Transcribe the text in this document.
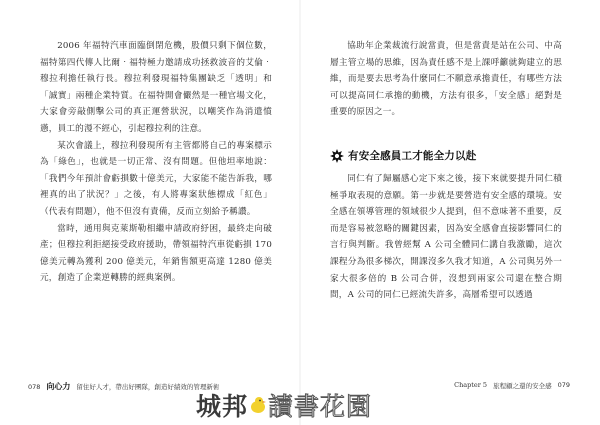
2006 年福特汽車面臨倒閉危機，股價只剩下個位數，福特第四代傳人比爾‧福特極力邀請成功拯救波音的艾倫‧穆拉利擔任執行長。穆拉利發現福特集團缺乏「透明」和「誠實」兩種企業特質。在福特開會儼然是一種官場文化，大家會旁敲側擊公司的真正運營狀況，以嘲笑作為消遣憤懣，員工的漫不經心，引起穆拉利的注意。

某次會議上，穆拉利發現所有主管都將自己的專案標示為「綠色」，也就是一切正常、沒有問題。但他坦率地說：「我們今年預計會虧損數十億美元，大家能不能告訴我，哪裡真的出了狀況？」之後，有人將專案狀態標成「紅色」（代表有問題），他不但沒有責備，反而立刻給予稱讚。

當時，通用與克萊斯勒相繼申請政府紓困，最終走向破產；但穆拉利拒絕接受政府援助，帶領福特汽車從虧損 170 億美元轉為獲利 200 億美元，年銷售額更高達 1280 億美元，創造了企業逆轉勝的經典案例。

078 向心力 留住好人才，帶出好團隊，創造好績效的管理新術

協助年企業裁流行說當責，但是當責是站在公司、中高層主管立場的思維，因為責任感不是上課呼籲就夠建立的思維，而是要去思考為什麼同仁不願意承擔責任，有哪些方法可以提高同仁承擔的動機，方法有很多，「安全感」絕對是重要的原因之一。

有安全感員工才能全力以赴

同仁有了歸屬感心定下來之後，接下來就要提升同仁積極爭取表現的意願。第一步就是要營造有安全感的環境。安全感在領導管理的領域很少人提到，但不意味著不重要，反而是容易被忽略的關鍵因素，因為安全感會直接影響同仁的言行與判斷。我曾經幫 A 公司全體同仁講自我激勵，這次課程分為很多梯次，開課沒多久我才知道，A 公司與另外一家大很多倍的 B 公司合併，沒想到兩家公司還在整合期間，A 公司的同仁已經流失許多，高層希望可以透過

Chapter 5 旅程顧之還的安全感 079
城邦 讀書花園
